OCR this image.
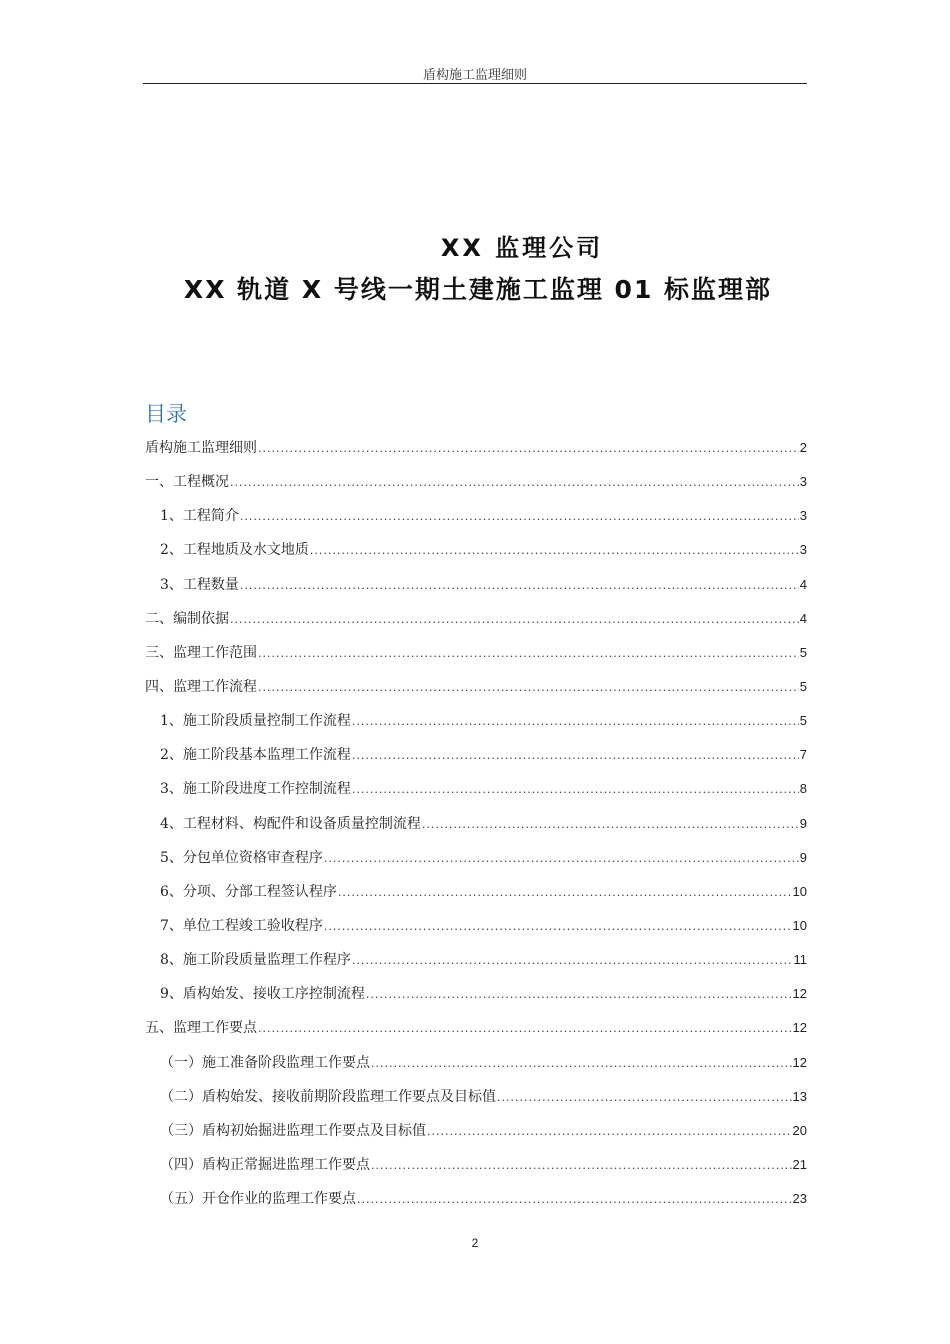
盾构施工监理细则
XX 监理公司
XX 轨道 X 号线一期土建施工监理 01 标监理部
目录
盾构施工监理细则 .....	2
一、工程概况 .....	3
1、工程简介 .....	3
2、工程地质及水文地质 .....	3
3、工程数量 .....	4
二、编制依据 .....	4
三、监理工作范围 .....	5
四、监理工作流程 .....	5
1、施工阶段质量控制工作流程 .....	5
2、施工阶段基本监理工作流程 .....	7
3、施工阶段进度工作控制流程 .....	8
4、工程材料、构配件和设备质量控制流程 .....	9
5、分包单位资格审查程序 .....	9
6、分项、分部工程签认程序 .....	10
7、单位工程竣工验收程序 .....	10
8、施工阶段质量监理工作程序 .....	11
9、盾构始发、接收工序控制流程 .....	12
五、监理工作要点 .....	12
（一）施工准备阶段监理工作要点 .....	12
（二）盾构始发、接收前期阶段监理工作要点及目标值 .....	13
（三）盾构初始掘进监理工作要点及目标值 .....	20
（四）盾构正常掘进监理工作要点 .....	21
（五）开仓作业的监理工作要点 .....	23
2
